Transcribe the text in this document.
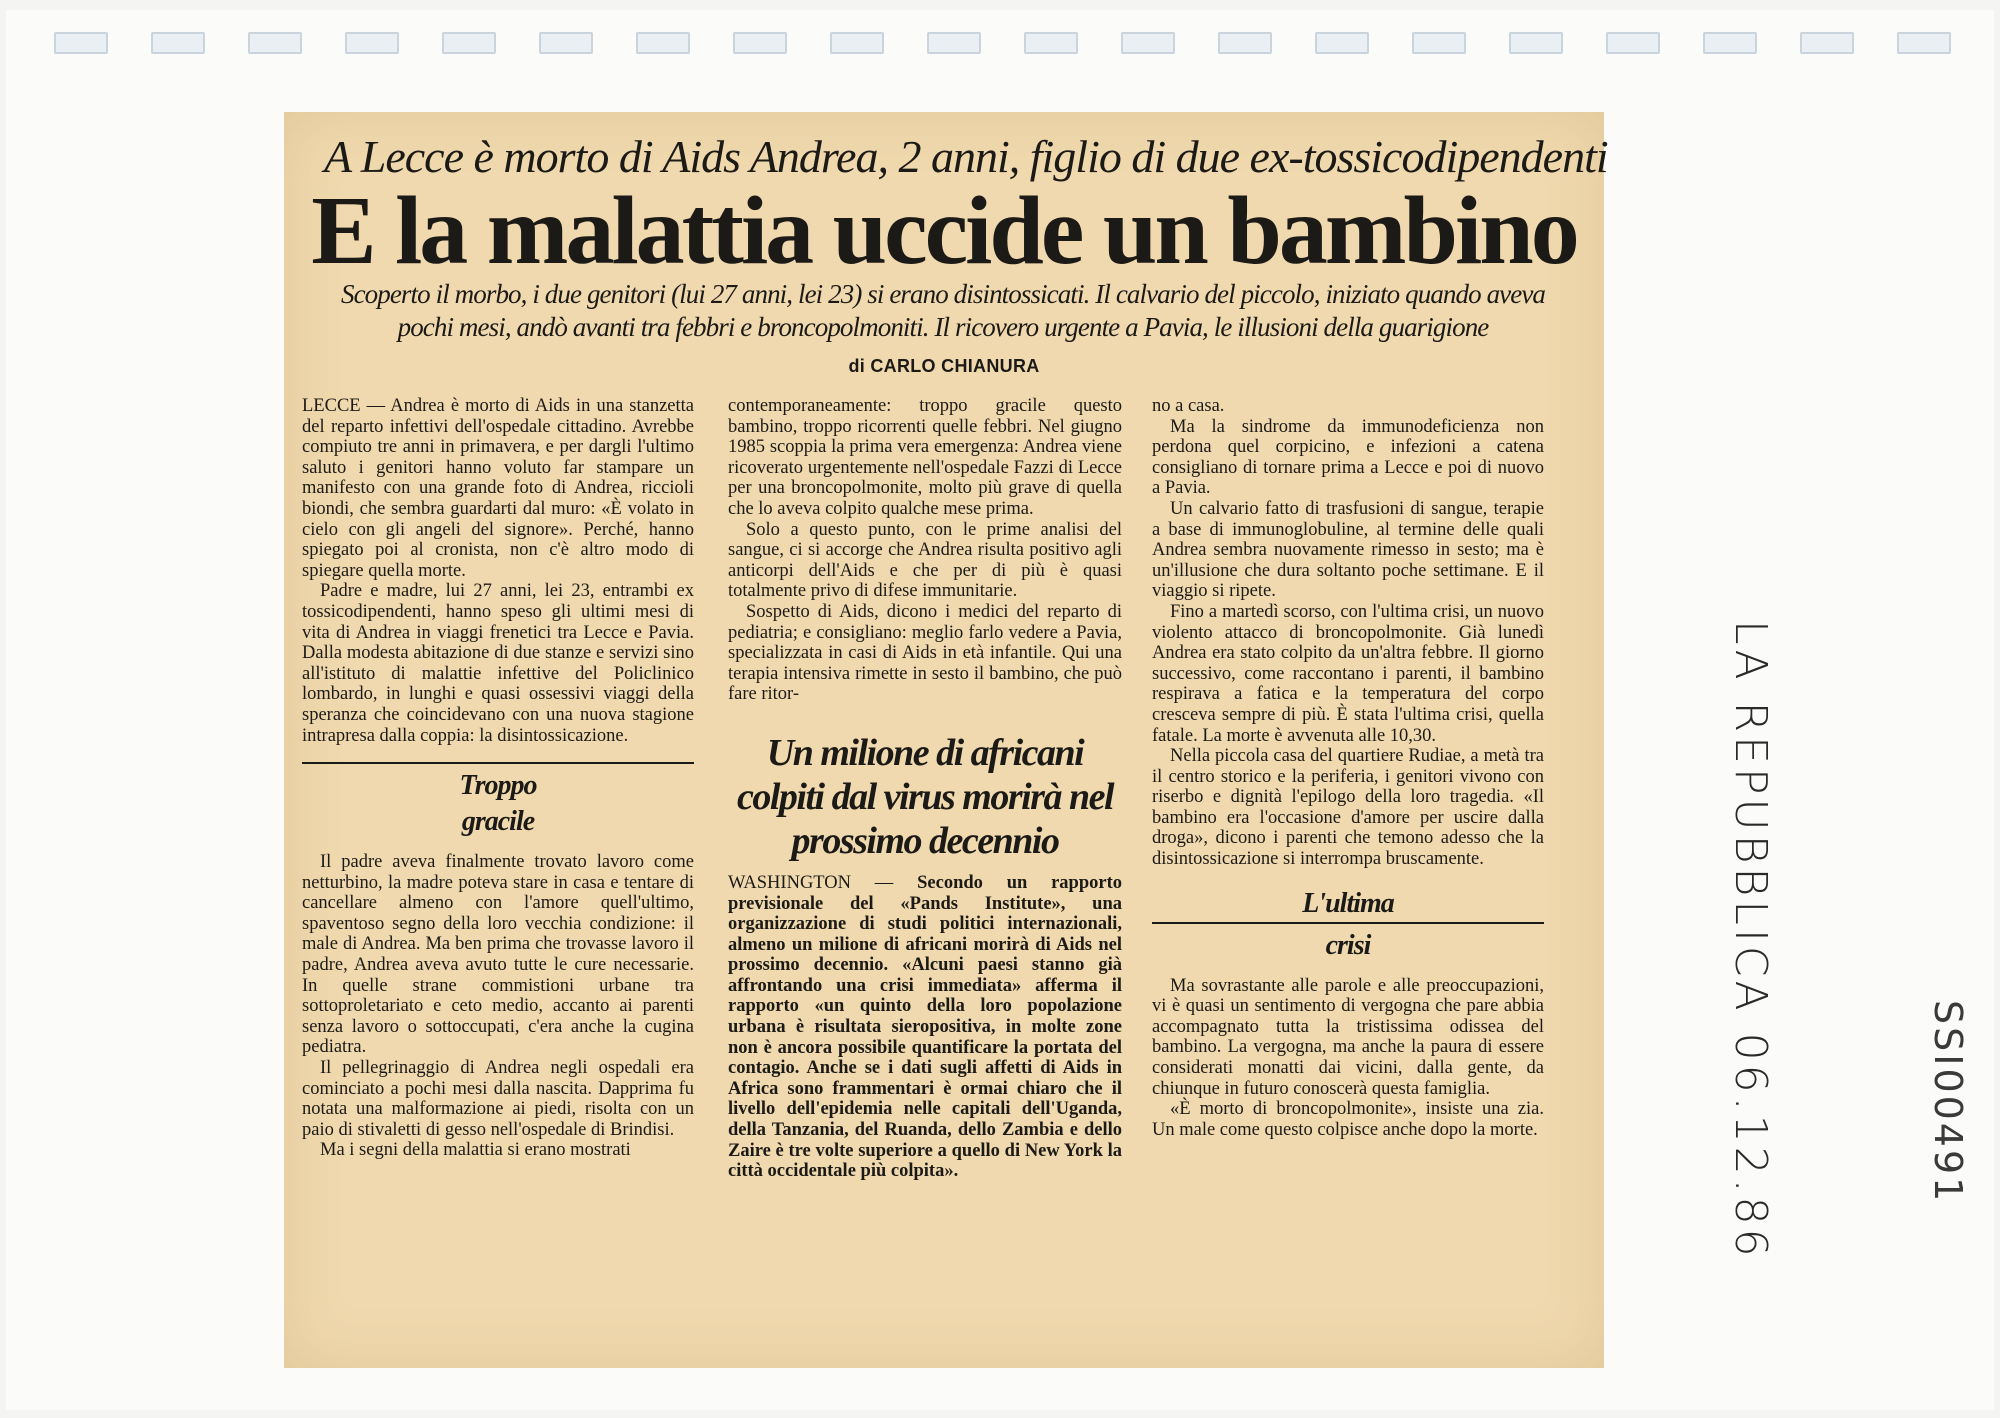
A Lecce è morto di Aids Andrea, 2 anni, figlio di due ex-tossicodipendenti
E la malattia uccide un bambino
Scoperto il morbo, i due genitori (lui 27 anni, lei 23) si erano disintossicati. Il calvario del piccolo, iniziato quando aveva pochi mesi, andò avanti tra febbri e broncopolmoniti. Il ricovero urgente a Pavia, le illusioni della guarigione
di CARLO CHIANURA

LECCE — Andrea è morto di Aids in una stanzetta del reparto infettivi dell'ospedale cittadino. Avrebbe compiuto tre anni in primavera, e per dargli l'ultimo saluto i genitori hanno voluto far stampare un manifesto con una grande foto di Andrea, riccioli biondi, che sembra guardarti dal muro: «È volato in cielo con gli angeli del signore». Perché, hanno spiegato poi al cronista, non c'è altro modo di spiegare quella morte.

Padre e madre, lui 27 anni, lei 23, entrambi ex tossicodipendenti, hanno speso gli ultimi mesi di vita di Andrea in viaggi frenetici tra Lecce e Pavia. Dalla modesta abitazione di due stanze e servizi sino all'istituto di malattie infettive del Policlinico lombardo, in lunghi e quasi ossessivi viaggi della speranza che coincidevano con una nuova stagione intrapresa dalla coppia: la disintossicazione.

Troppo
gracile

Il padre aveva finalmente trovato lavoro come netturbino, la madre poteva stare in casa e tentare di cancellare almeno con l'amore quell'ultimo, spaventoso segno della loro vecchia condizione: il male di Andrea. Ma ben prima che trovasse lavoro il padre, Andrea aveva avuto tutte le cure necessarie. In quelle strane commistioni urbane tra sottoproletariato e ceto medio, accanto ai parenti senza lavoro o sottoccupati, c'era anche la cugina pediatra.

Il pellegrinaggio di Andrea negli ospedali era cominciato a pochi mesi dalla nascita. Dapprima fu notata una malformazione ai piedi, risolta con un paio di stivaletti di gesso nell'ospedale di Brindisi.

Ma i segni della malattia si erano mostrati

contemporaneamente: troppo gracile questo bambino, troppo ricorrenti quelle febbri. Nel giugno 1985 scoppia la prima vera emergenza: Andrea viene ricoverato urgentemente nell'ospedale Fazzi di Lecce per una broncopolmonite, molto più grave di quella che lo aveva colpito qualche mese prima.

Solo a questo punto, con le prime analisi del sangue, ci si accorge che Andrea risulta positivo agli anticorpi dell'Aids e che per di più è quasi totalmente privo di difese immunitarie.

Sospetto di Aids, dicono i medici del reparto di pediatria; e consigliano: meglio farlo vedere a Pavia, specializzata in casi di Aids in età infantile. Qui una terapia intensiva rimette in sesto il bambino, che può fare ritor-

Un milione di africani colpiti dal virus morirà nel prossimo decennio

WASHINGTON — Secondo un rapporto previsionale del «Pands Institute», una organizzazione di studi politici internazionali, almeno un milione di africani morirà di Aids nel prossimo decennio. «Alcuni paesi stanno già affrontando una crisi immediata» afferma il rapporto «un quinto della loro popolazione urbana è risultata sieropositiva, in molte zone non è ancora possibile quantificare la portata del contagio. Anche se i dati sugli affetti di Aids in Africa sono frammentari è ormai chiaro che il livello dell'epidemia nelle capitali dell'Uganda, della Tanzania, del Ruanda, dello Zambia e dello Zaire è tre volte superiore a quello di New York la città occidentale più colpita».

no a casa.

Ma la sindrome da immunodeficienza non perdona quel corpicino, e infezioni a catena consigliano di tornare prima a Lecce e poi di nuovo a Pavia.

Un calvario fatto di trasfusioni di sangue, terapie a base di immunoglobuline, al termine delle quali Andrea sembra nuovamente rimesso in sesto; ma è un'illusione che dura soltanto poche settimane. E il viaggio si ripete.

Fino a martedì scorso, con l'ultima crisi, un nuovo violento attacco di broncopolmonite. Già lunedì Andrea era stato colpito da un'altra febbre. Il giorno successivo, come raccontano i parenti, il bambino respirava a fatica e la temperatura del corpo cresceva sempre di più. È stata l'ultima crisi, quella fatale. La morte è avvenuta alle 10,30.

Nella piccola casa del quartiere Rudiae, a metà tra il centro storico e la periferia, i genitori vivono con riserbo e dignità l'epilogo della loro tragedia. «Il bambino era l'occasione d'amore per uscire dalla droga», dicono i parenti che temono adesso che la disintossicazione si interrompa bruscamente.

L'ultima
crisi

Ma sovrastante alle parole e alle preoccupazioni, vi è quasi un sentimento di vergogna che pare abbia accompagnato tutta la tristissima odissea del bambino. La vergogna, ma anche la paura di essere considerati monatti dai vicini, dalla gente, da chiunque in futuro conoscerà questa famiglia.

«È morto di broncopolmonite», insiste una zia. Un male come questo colpisce anche dopo la morte.	LA REPUBBLICA 06.12.86	SSI00491
